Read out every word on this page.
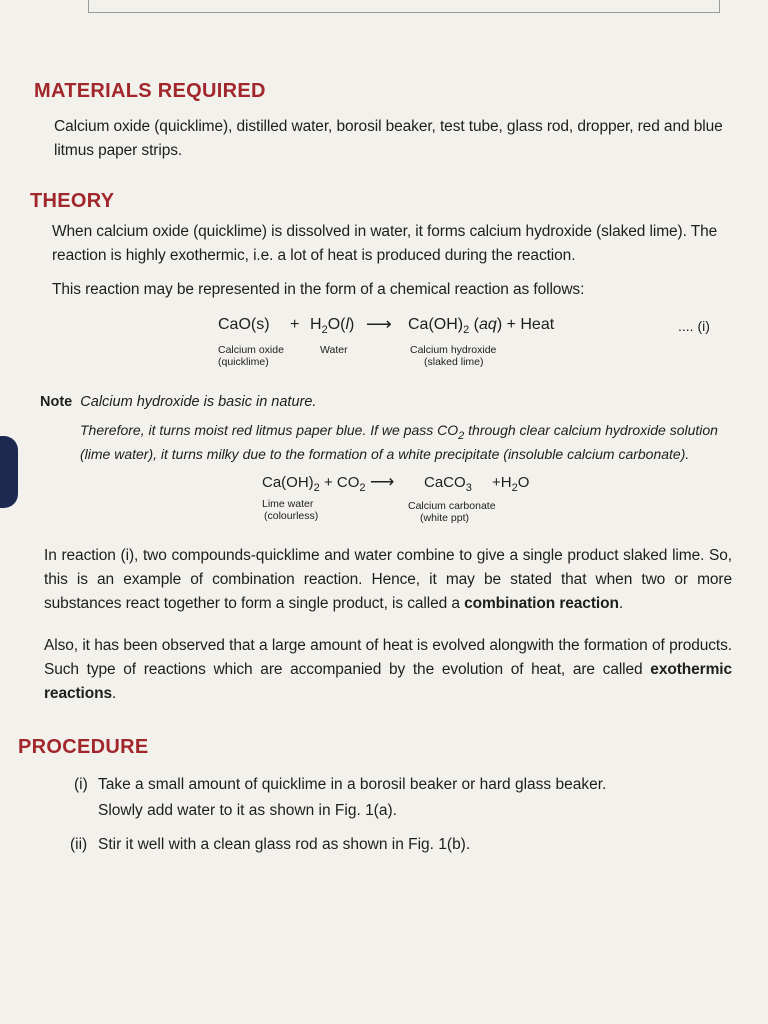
MATERIALS REQUIRED

Calcium oxide (quicklime), distilled water, borosil beaker, test tube, glass rod, dropper, red and blue litmus paper strips.

THEORY

When calcium oxide (quicklime) is dissolved in water, it forms calcium hydroxide (slaked lime). The reaction is highly exothermic, i.e. a lot of heat is produced during the reaction.

This reaction may be represented in the form of a chemical reaction as follows:

$CaO(s) + H_2O(l)$ ⟶ $Ca(OH)_2$ (aq) + Heat	.... (i)
Calcium oxide
(quicklime)
Water	Calcium hydroxide
(slaked lime)
Note Calcium hydroxide is basic in nature.
Therefore, it turns moist red litmus paper blue. If we pass $CO_2$ through clear calcium hydroxide solution
(lime water), it turns milky due to the formation of a white precipitate (insoluble calcium carbonate).
$Ca(OH)_2 + CO_2$ ⟶ CaCO$_3$ $+H_2O$
Lime water
(colourless)
Calcium carbonate
(white ppt)

In reaction (i), two compounds-quicklime and water combine to give a single product slaked lime. So, this is an example of combination reaction. Hence, it may be stated that when two or more substances react together to form a single product, is called a combination reaction.

Also, it has been observed that a large amount of heat is evolved alongwith the formation of products. Such type of reactions which are accompanied by the evolution of heat, are called exothermic reactions.

PROCEDURE
(i) Take a small amount of quicklime in a borosil beaker or hard glass beaker.
Slowly add water to it as shown in Fig. 1(a).
(ii) Stir it well with a clean glass rod as shown in Fig. 1(b).
